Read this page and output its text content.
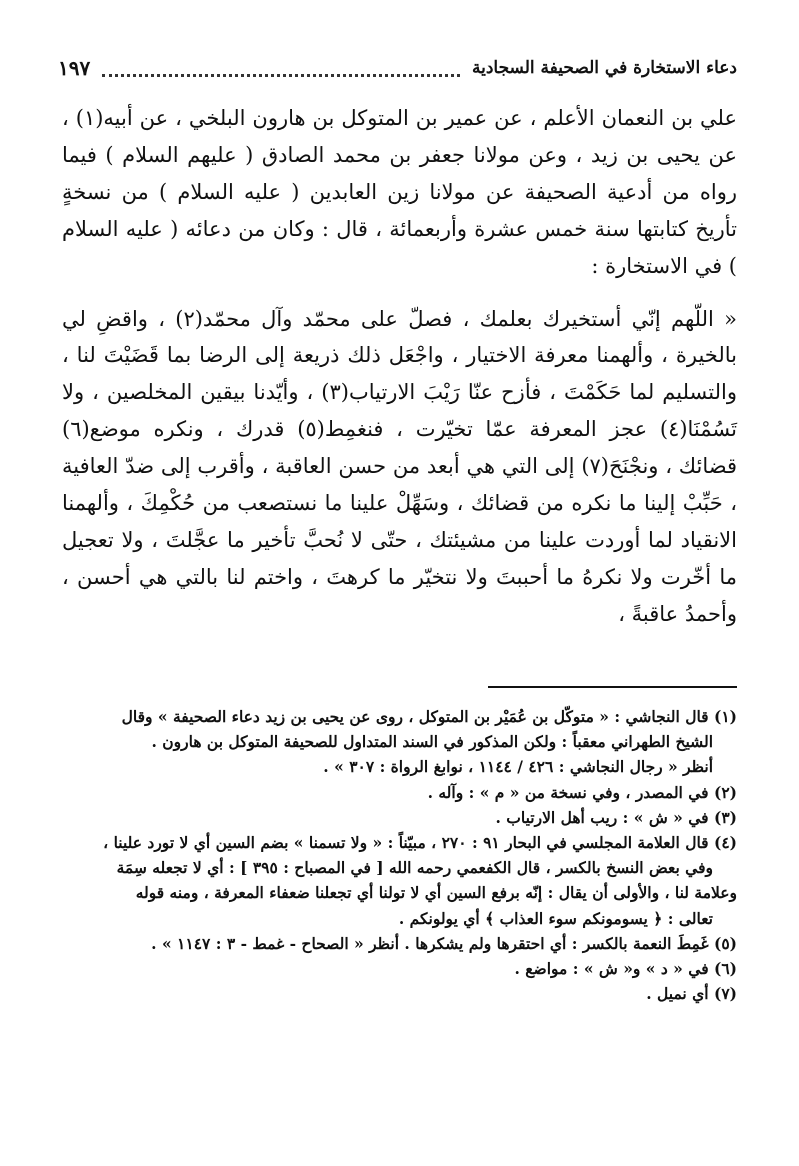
دعاء الاستخارة في الصحيفة السجادية
١٩٧

علي بن النعمان الأعلم ، عن عمير بن المتوكل بن هارون البلخي ، عن أبيه(١) ، عن يحيى بن زيد ، وعن مولانا جعفر بن محمد الصادق ( عليهم السلام ) فيما رواه من أدعية الصحيفة عن مولانا زين العابدين ( عليه السلام ) من نسخةٍ تأريخ كتابتها سنة خمس عشرة وأربعمائة ، قال : وكان من دعائه ( عليه السلام ) في الاستخارة :

« اللّهم إنّي أستخيرك بعلمك ، فصلّ على محمّد وآل محمّد(٢) ، واقضِ لي بالخيرة ، وألهمنا معرفة الاختيار ، واجْعَل ذلك ذريعة إلى الرضا بما قَضَيْتَ لنا ، والتسليم لما حَكَمْتَ ، فأزح عنّا رَيْبَ الارتياب(٣) ، وأيّدنا بيقين المخلصين ، ولا تَسُمْنَا(٤) عجز المعرفة عمّا تخيّرت ، فنغمِط(٥) قدرك ، ونكره موضع(٦) قضائك ، ونجْنَحَ(٧) إلى التي هي أبعد من حسن العاقبة ، وأقرب إلى ضدّ العافية ، حَبِّبْ إلينا ما نكره من قضائك ، وسَهِّلْ علينا ما نستصعب من حُكْمِكَ ، وألهمنا الانقياد لما أوردت علينا من مشيئتك ، حتّى لا نُحبَّ تأخير ما عجَّلتَ ، ولا تعجيل ما أخّرت ولا نكرهُ ما أحببتَ ولا نتخيّر ما كرهتَ ، واختم لنا بالتي هي أحسن ، وأحمدُ عاقبةً ،

(١) قال النجاشي : « متوكّل بن عُمَيْر بن المتوكل ، روى عن يحيى بن زيد دعاء الصحيفة » وقال

الشيخ الطهراني معقباً : ولكن المذكور في السند المتداول للصحيفة المتوكل بن هارون .

أنظر « رجال النجاشي : ٤٢٦ / ١١٤٤ ، نوابغ الرواة : ٣٠٧ » .

(٢) في المصدر ، وفي نسخة من « م » : وآله .

(٣) في « ش » : ريب أهل الارتياب .

(٤) قال العلامة المجلسي في البحار ٩١ : ٢٧٠ ، مبيّناً : « ولا تسمنا » بضم السين أي لا تورد علينا ،

وفي بعض النسخ بالكسر ، قال الكفعمي رحمه الله [ في المصباح : ٣٩٥ ] : أي لا تجعله سِمَة

وعلامة لنا ، والأولى أن يقال : إنّه برفع السين أي لا تولنا أي تجعلنا ضعفاء المعرفة ، ومنه قوله

تعالى : ﴿ يسومونكم سوء العذاب ﴾ أي يولونكم .

(٥) غَمِطَ النعمة بالكسر : أي احتقرها ولم يشكرها . أنظر « الصحاح - غمط - ٣ : ١١٤٧ » .

(٦) في « د » و« ش » : مواضع .

(٧) أي نميل .
